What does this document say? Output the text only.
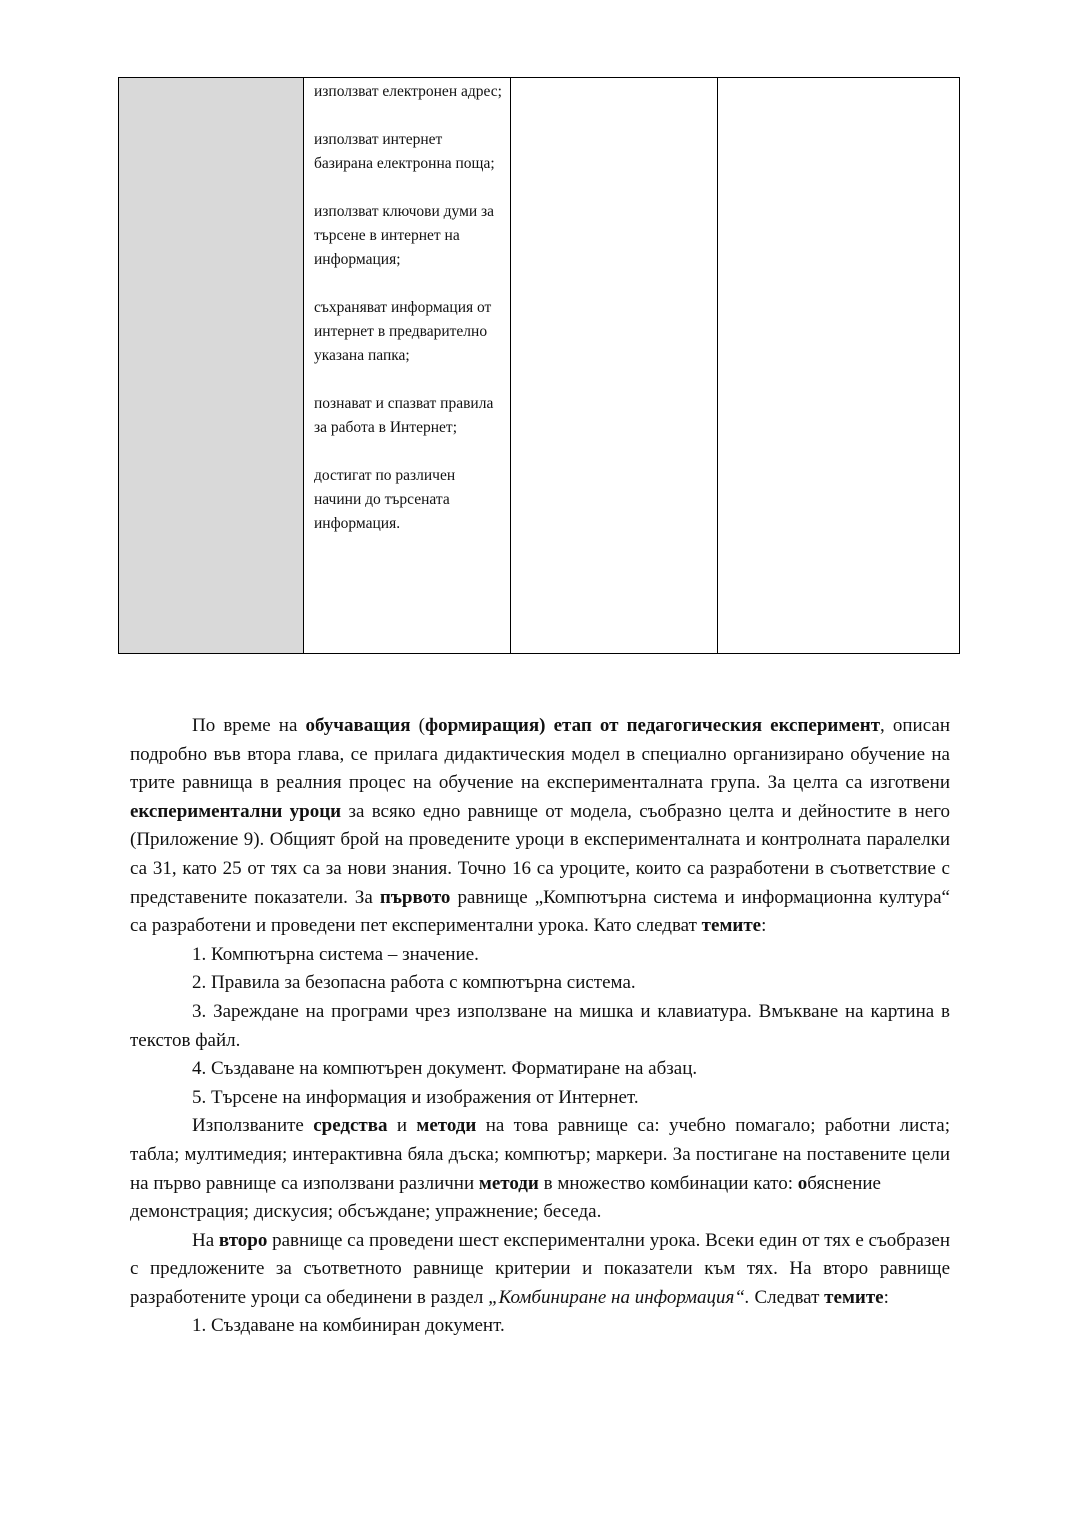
използват електронен адрес;

използват интернет базирана електронна поща;

използват ключови думи за търсене в интернет на информация;

съхраняват информация от интернет в предварително указана папка;

познават и спазват правила за работа в Интернет;

достигат по различен начини до търсената информация.

По време на обучаващия (формиращия) етап от педагогическия експеримент, описан подробно във втора глава, се прилага дидактическия модел в специално организирано обучение на трите равнища в реалния процес на обучение на експерименталната група. За целта са изготвени експериментални уроци за всяко едно равнище от модела, съобразно целта и дейностите в него (Приложение 9). Общият брой на проведените уроци в експерименталната и контролната паралелки са 31, като 25 от тях са за нови знания. Точно 16 са уроците, които са разработени в съответствие с представените показатели. За първото равнище „Компютърна система и информационна култура“ са разработени и проведени пет експериментални урока. Като следват темите:

1. Компютърна система – значение.

2. Правила за безопасна работа с компютърна система.

3. Зареждане на програми чрез използване на мишка и клавиатура. Вмъкване на картина в текстов файл.

4. Създаване на компютърен документ. Форматиране на абзац.

5. Търсене на информация и изображения от Интернет.

Използваните средства и методи на това равнище са: учебно помагало; работни листа; табла; мултимедия; интерактивна бяла дъска; компютър; маркери. За постигане на поставените цели на първо равнище са използвани различни методи в множество комбинации като: обяснение

демонстрация; дискусия; обсъждане; упражнение; беседа.

На второ равнище са проведени шест експериментални урока. Всеки един от тях е съобразен с предложените за съответното равнище критерии и показатели към тях. На второ равнище разработените уроци са обединени в раздел „Комбиниране на информация“. Следват темите:

1. Създаване на комбиниран документ.
